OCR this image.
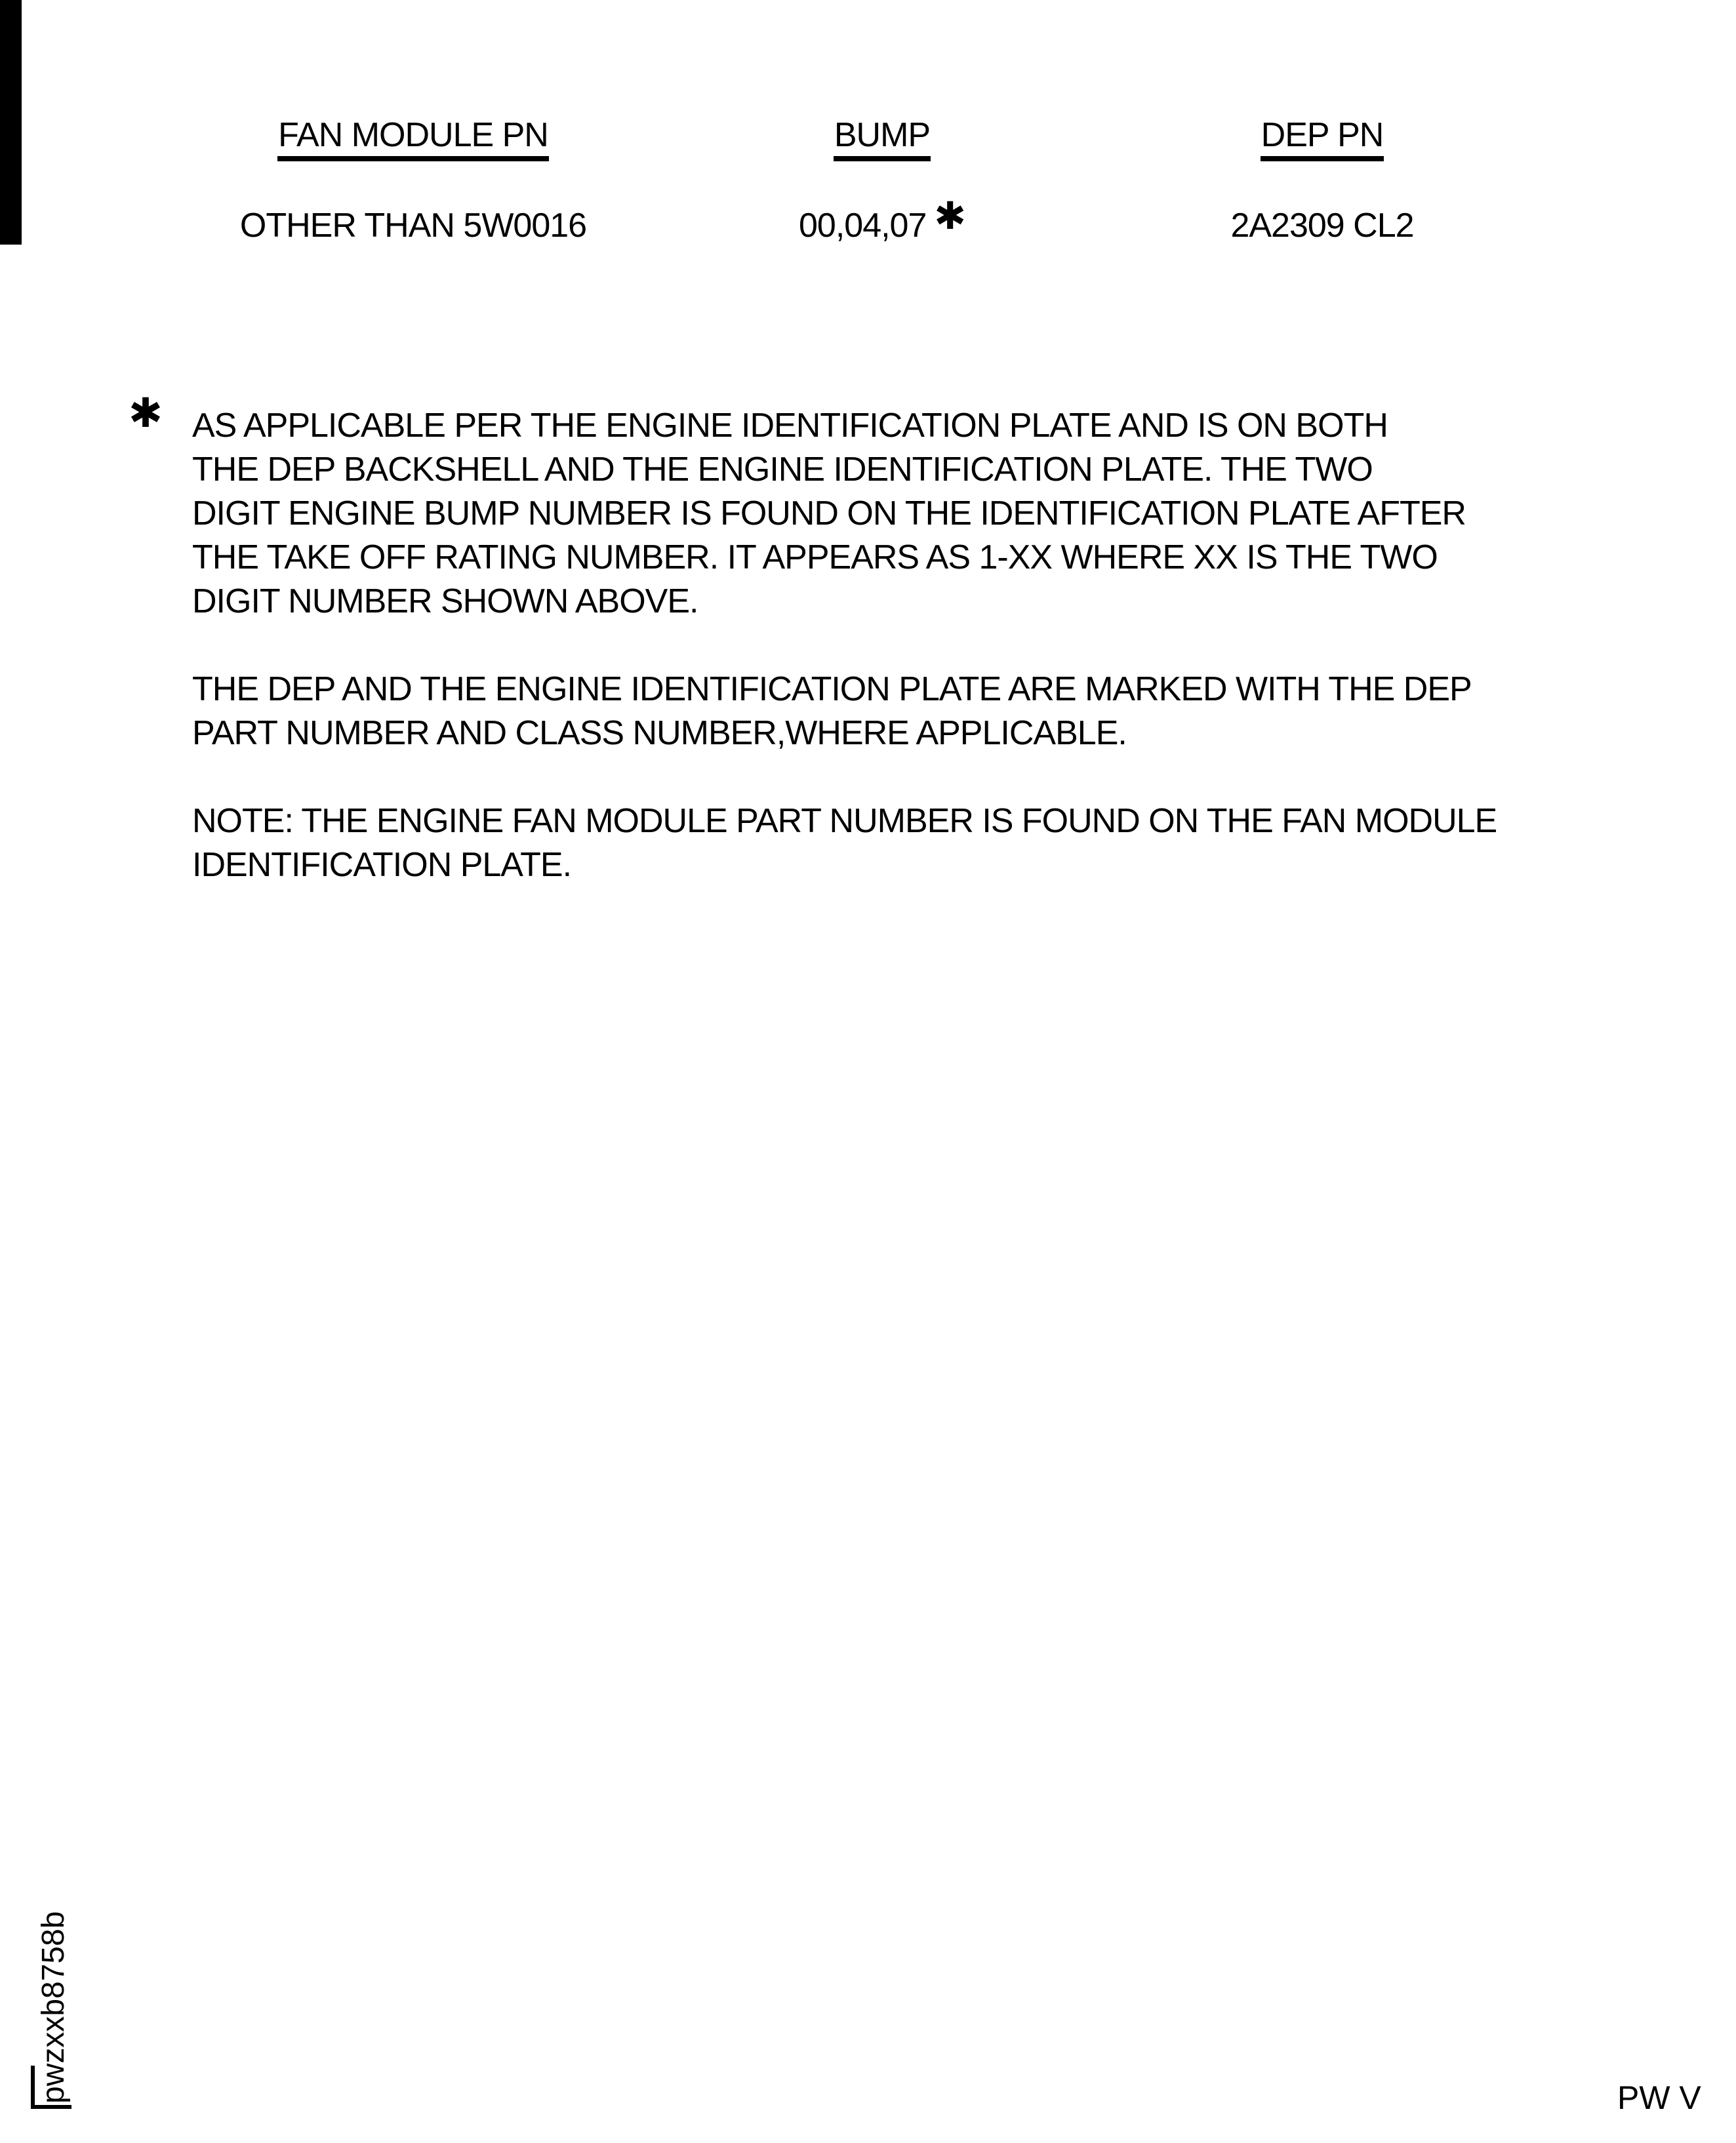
FAN MODULE PN
OTHER THAN 5W0016
BUMP
00,04,07 ✱
DEP PN
2A2309 CL2
✱ AS APPLICABLE PER THE ENGINE IDENTIFICATION PLATE AND IS ON BOTH
THE DEP BACKSHELL AND THE ENGINE IDENTIFICATION PLATE. THE TWO
DIGIT ENGINE BUMP NUMBER IS FOUND ON THE IDENTIFICATION PLATE AFTER
THE TAKE OFF RATING NUMBER. IT APPEARS AS 1-XX WHERE XX IS THE TWO
DIGIT NUMBER SHOWN ABOVE.
THE DEP AND THE ENGINE IDENTIFICATION PLATE ARE MARKED WITH THE DEP
PART NUMBER AND CLASS NUMBER,WHERE APPLICABLE.
NOTE: THE ENGINE FAN MODULE PART NUMBER IS FOUND ON THE FAN MODULE
IDENTIFICATION PLATE.
pwzxxb8758b	PW V
